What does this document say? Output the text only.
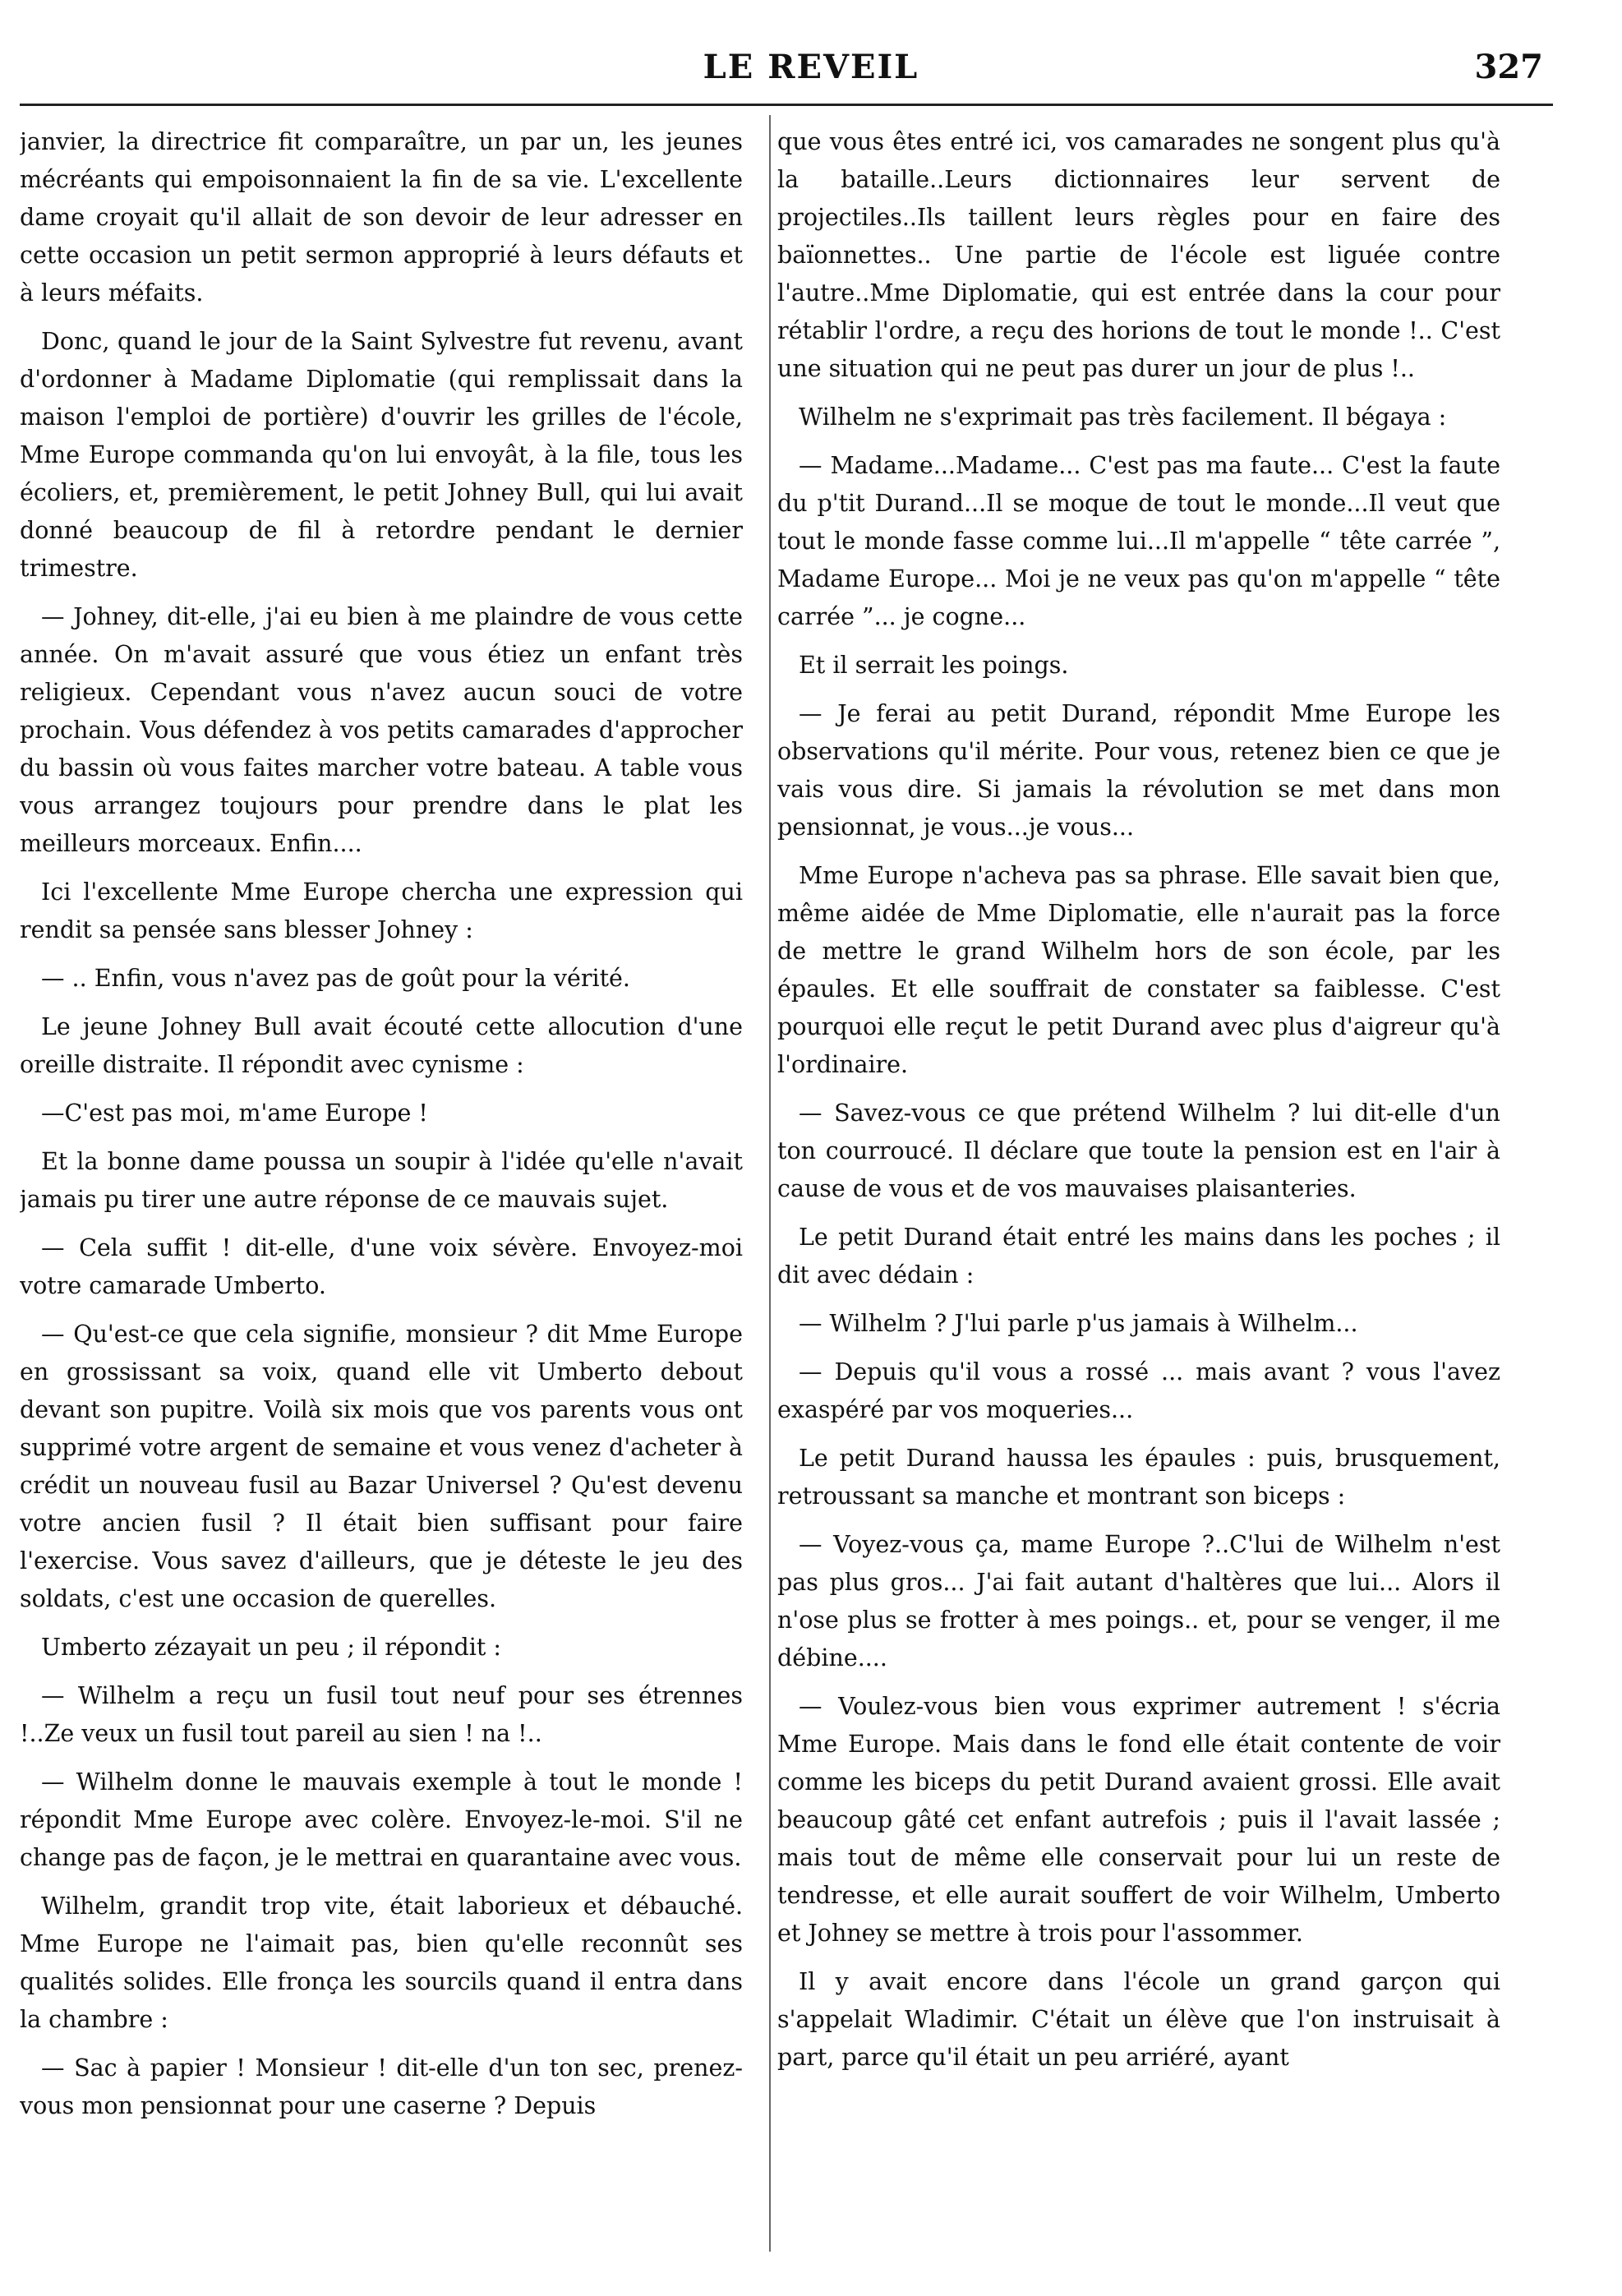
LE REVEIL	327

janvier, la directrice fit comparaître, un par un, les jeunes mécréants qui empoisonnaient la fin de sa vie. L'excellente dame croyait qu'il allait de son devoir de leur adresser en cette occasion un petit sermon approprié à leurs défauts et à leurs méfaits.

Donc, quand le jour de la Saint Sylvestre fut revenu, avant d'ordonner à Madame Diplomatie (qui remplissait dans la maison l'emploi de portière) d'ouvrir les grilles de l'école, Mme Europe commanda qu'on lui envoyât, à la file, tous les écoliers, et, premièrement, le petit Johney Bull, qui lui avait donné beaucoup de fil à retordre pendant le dernier trimestre.

— Johney, dit-elle, j'ai eu bien à me plaindre de vous cette année. On m'avait assuré que vous étiez un enfant très religieux. Cependant vous n'avez aucun souci de votre prochain. Vous défendez à vos petits camarades d'approcher du bassin où vous faites marcher votre bateau. A table vous vous arrangez toujours pour prendre dans le plat les meilleurs morceaux. Enfin....

Ici l'excellente Mme Europe chercha une expression qui rendit sa pensée sans blesser Johney :

— .. Enfin, vous n'avez pas de goût pour la vérité.

Le jeune Johney Bull avait écouté cette allocution d'une oreille distraite. Il répondit avec cynisme :

—C'est pas moi, m'ame Europe !

Et la bonne dame poussa un soupir à l'idée qu'elle n'avait jamais pu tirer une autre réponse de ce mauvais sujet.

— Cela suffit ! dit-elle, d'une voix sévère. Envoyez-moi votre camarade Umberto.

— Qu'est-ce que cela signifie, monsieur ? dit Mme Europe en grossissant sa voix, quand elle vit Umberto debout devant son pupitre. Voilà six mois que vos parents vous ont supprimé votre argent de semaine et vous venez d'acheter à crédit un nouveau fusil au Bazar Universel ? Qu'est devenu votre ancien fusil ? Il était bien suffisant pour faire l'exercise. Vous savez d'ailleurs, que je déteste le jeu des soldats, c'est une occasion de querelles.

Umberto zézayait un peu ; il répondit :

— Wilhelm a reçu un fusil tout neuf pour ses étrennes !..Ze veux un fusil tout pareil au sien ! na !..

— Wilhelm donne le mauvais exemple à tout le monde ! répondit Mme Europe avec colère. Envoyez-le-moi. S'il ne change pas de façon, je le mettrai en quarantaine avec vous.

Wilhelm, grandit trop vite, était laborieux et débauché. Mme Europe ne l'aimait pas, bien qu'elle reconnût ses qualités solides. Elle fronça les sourcils quand il entra dans la chambre :

— Sac à papier ! Monsieur ! dit-elle d'un ton sec, prenez-vous mon pensionnat pour une caserne ? Depuis

que vous êtes entré ici, vos camarades ne songent plus qu'à la bataille..Leurs dictionnaires leur servent de projectiles..Ils taillent leurs règles pour en faire des baïonnettes.. Une partie de l'école est liguée contre l'autre..Mme Diplomatie, qui est entrée dans la cour pour rétablir l'ordre, a reçu des horions de tout le monde !.. C'est une situation qui ne peut pas durer un jour de plus !..

Wilhelm ne s'exprimait pas très facilement. Il bégaya :

— Madame...Madame... C'est pas ma faute... C'est la faute du p'tit Durand...Il se moque de tout le monde...Il veut que tout le monde fasse comme lui...Il m'appelle “ tête carrée ”, Madame Europe... Moi je ne veux pas qu'on m'appelle “ tête carrée ”... je cogne...

Et il serrait les poings.

— Je ferai au petit Durand, répondit Mme Europe les observations qu'il mérite. Pour vous, retenez bien ce que je vais vous dire. Si jamais la révolution se met dans mon pensionnat, je vous...je vous...

Mme Europe n'acheva pas sa phrase. Elle savait bien que, même aidée de Mme Diplomatie, elle n'aurait pas la force de mettre le grand Wilhelm hors de son école, par les épaules. Et elle souffrait de constater sa faiblesse. C'est pourquoi elle reçut le petit Durand avec plus d'aigreur qu'à l'ordinaire.

— Savez-vous ce que prétend Wilhelm ? lui dit-elle d'un ton courroucé. Il déclare que toute la pension est en l'air à cause de vous et de vos mauvaises plaisanteries.

Le petit Durand était entré les mains dans les poches ; il dit avec dédain :

— Wilhelm ? J'lui parle p'us jamais à Wilhelm...

— Depuis qu'il vous a rossé ... mais avant ? vous l'avez exaspéré par vos moqueries...

Le petit Durand haussa les épaules : puis, brusquement, retroussant sa manche et montrant son biceps :

— Voyez-vous ça, mame Europe ?..C'lui de Wilhelm n'est pas plus gros... J'ai fait autant d'haltères que lui... Alors il n'ose plus se frotter à mes poings.. et, pour se venger, il me débine....

— Voulez-vous bien vous exprimer autrement ! s'écria Mme Europe. Mais dans le fond elle était contente de voir comme les biceps du petit Durand avaient grossi. Elle avait beaucoup gâté cet enfant autrefois ; puis il l'avait lassée ; mais tout de même elle conservait pour lui un reste de tendresse, et elle aurait souffert de voir Wilhelm, Umberto et Johney se mettre à trois pour l'assommer.

Il y avait encore dans l'école un grand garçon qui s'appelait Wladimir. C'était un élève que l'on instruisait à part, parce qu'il était un peu arriéré, ayant
